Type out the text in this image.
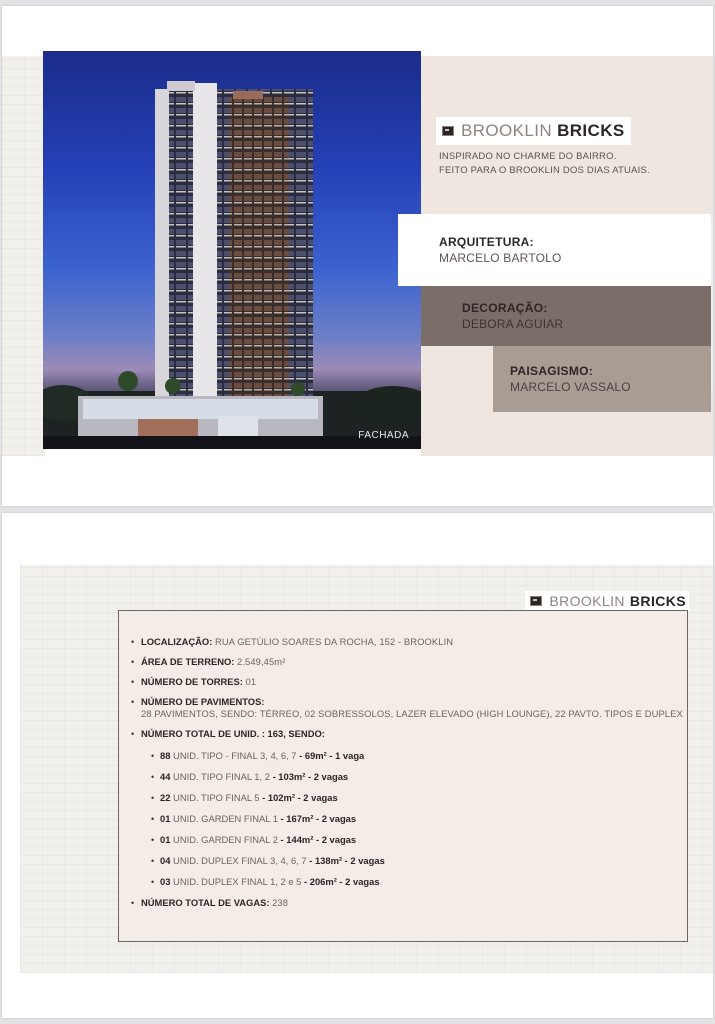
FACHADA
BROOKLIN BRICKS
INSPIRADO NO CHARME DO BAIRRO.
FEITO PARA O BROOKLIN DOS DIAS ATUAIS.
ARQUITETURA:
MARCELO BARTOLO
DECORAÇÃO:
DEBORA AGUIAR
PAISAGISMO:
MARCELO VASSALO
BROOKLIN BRICKS
• LOCALIZAÇÃO: RUA GETÚLIO SOARES DA ROCHA, 152 - BROOKLIN
• ÁREA DE TERRENO: 2.549,45m²
• NÚMERO DE TORRES: 01
• NÚMERO DE PAVIMENTOS:
28 PAVIMENTOS, SENDO: TÉRREO, 02 SOBRESSOLOS, LAZER ELEVADO (HIGH LOUNGE), 22 PAVTO. TIPOS E DUPLEX
• NÚMERO TOTAL DE UNID. : 163, SENDO:
• 88 UNID. TIPO - FINAL 3, 4, 6, 7 - 69m² - 1 vaga
• 44 UNID. TIPO FINAL 1, 2 - 103m² - 2 vagas
• 22 UNID. TIPO FINAL 5 - 102m² - 2 vagas
• 01 UNID. GARDEN FINAL 1 - 167m² - 2 vagas
• 01 UNID. GARDEN FINAL 2 - 144m² - 2 vagas
• 04 UNID. DUPLEX FINAL 3, 4, 6, 7 - 138m² - 2 vagas
• 03 UNID. DUPLEX FINAL 1, 2 e 5 - 206m² - 2 vagas
• NÚMERO TOTAL DE VAGAS: 238
